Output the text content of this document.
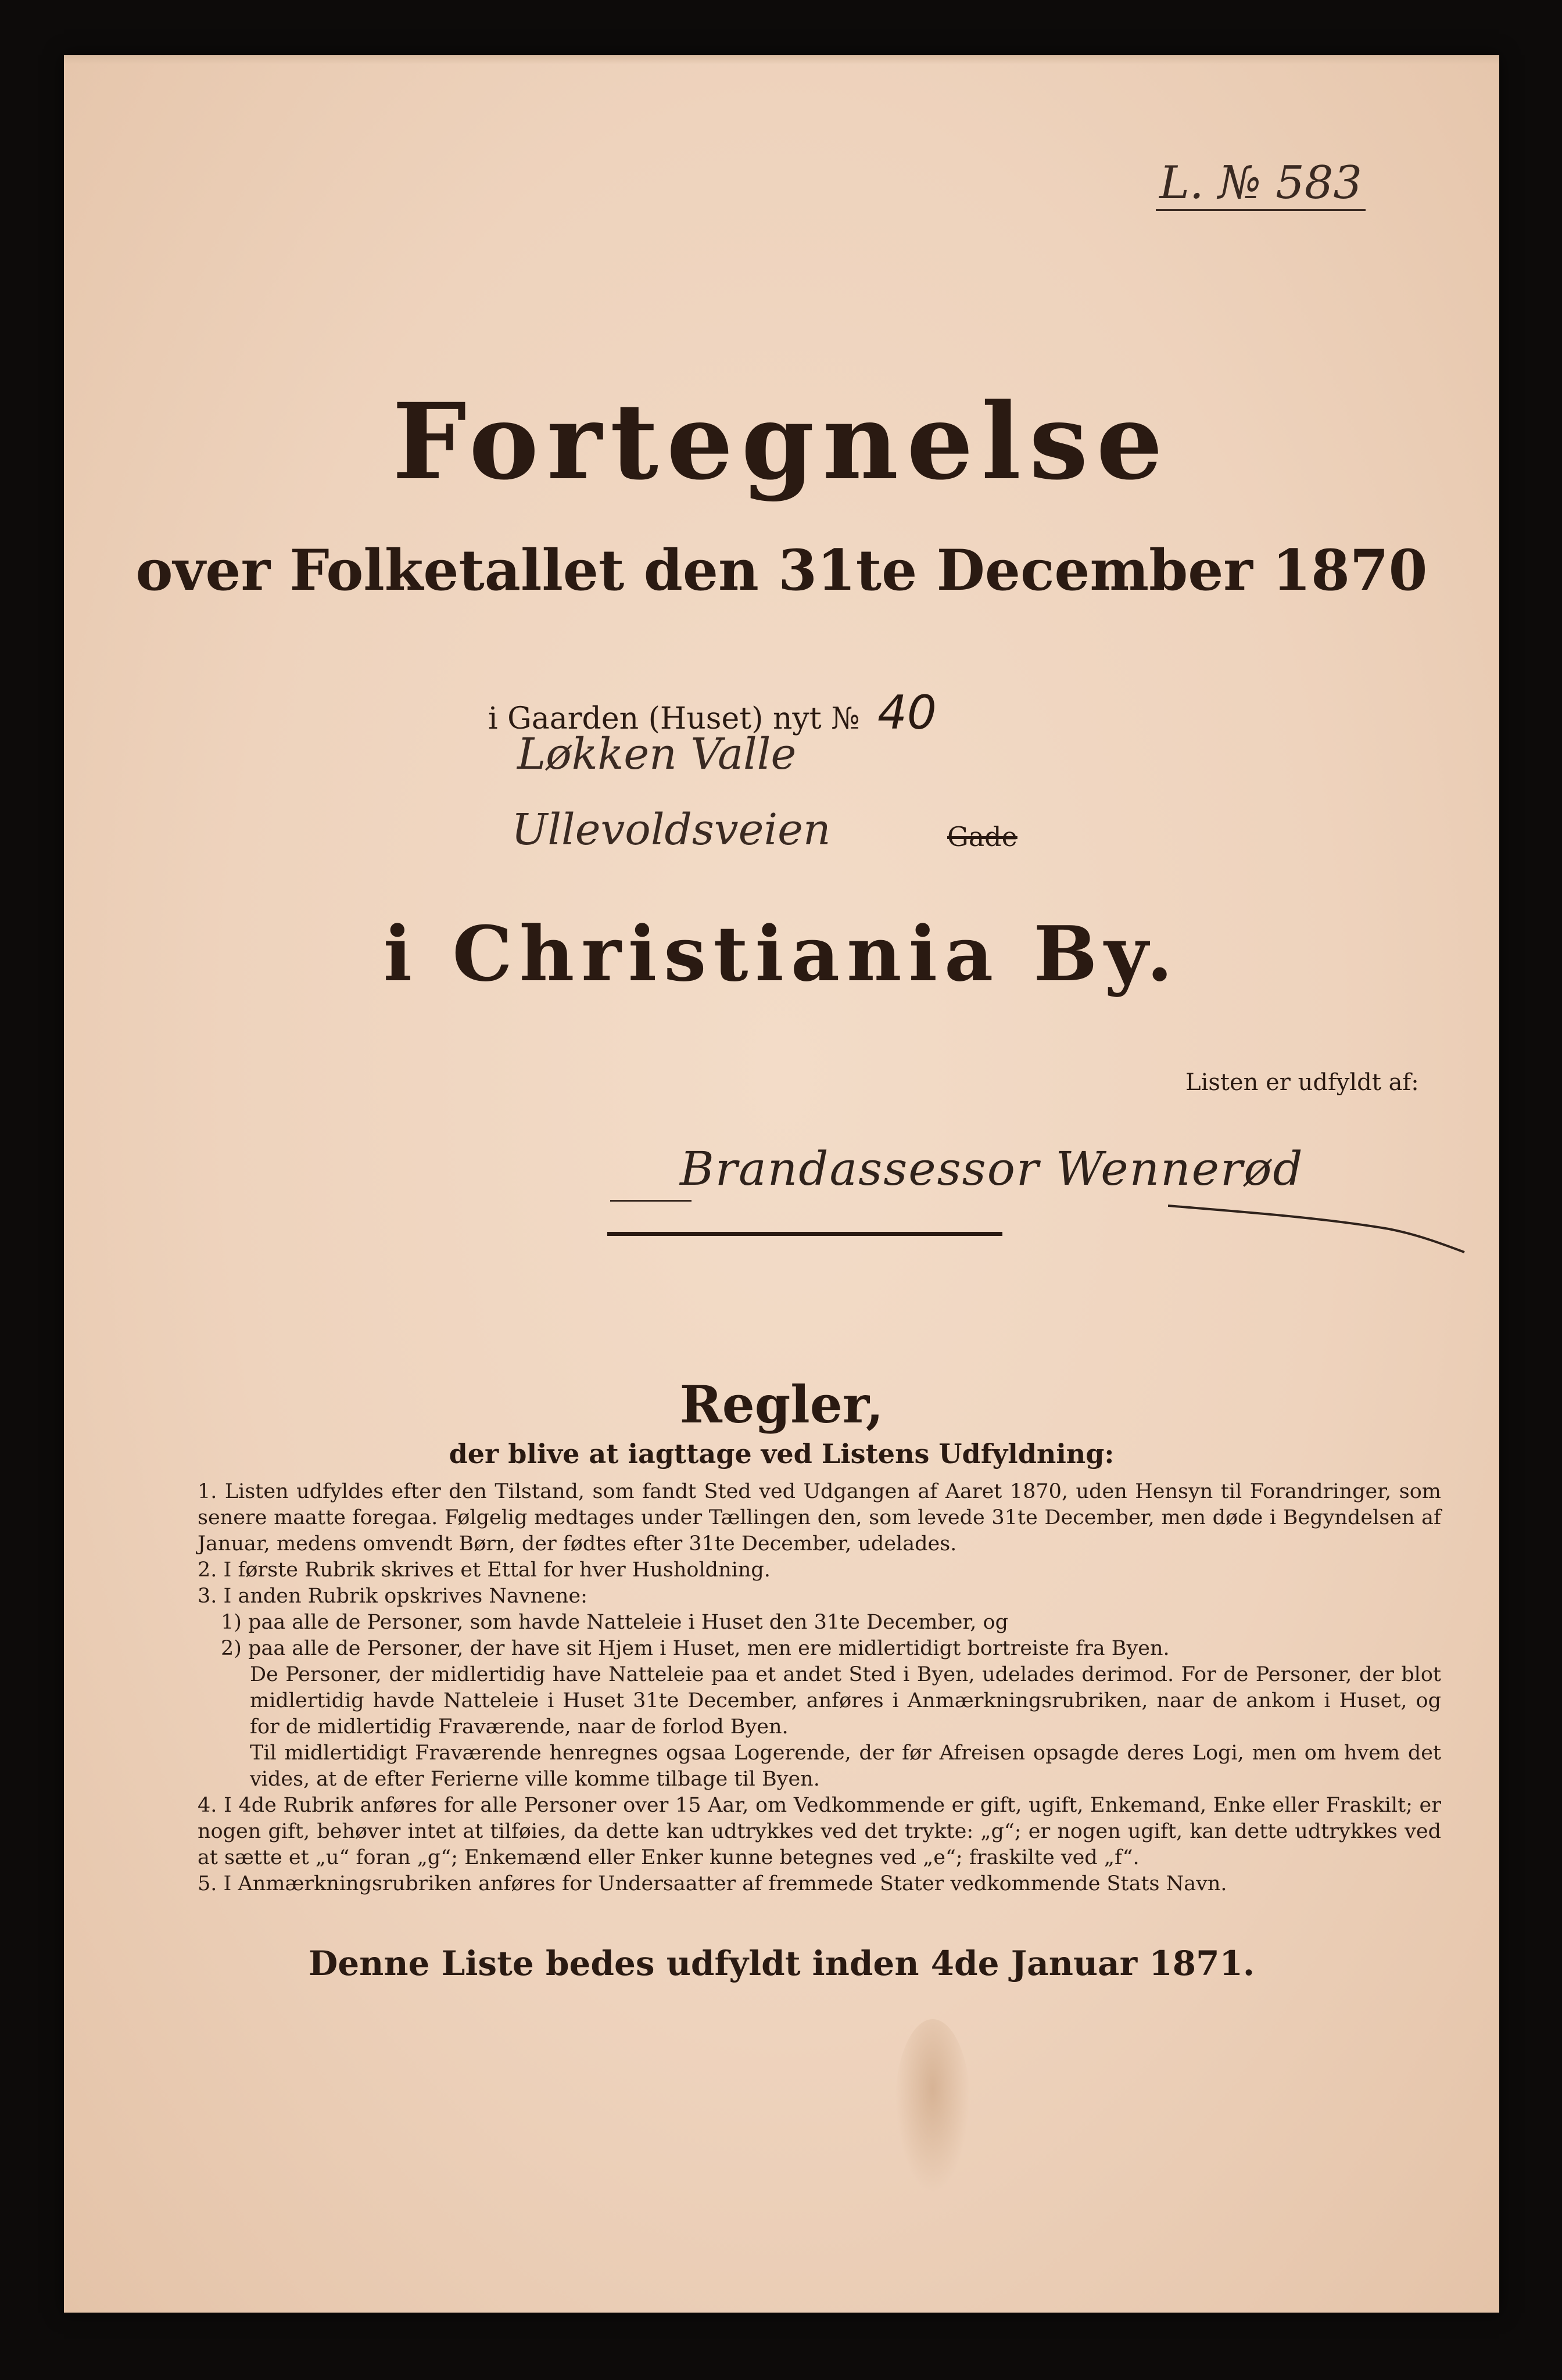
L. № 583
Fortegnelse
over Folketallet den 31te December 1870
i Gaarden (Huset) nyt № 40
Løkken Valle
Ullevoldsveien	Gade
i Christiania By.
Listen er udfyldt af:
Brandassessor Wennerød
Regler,
der blive at iagttage ved Listens Udfyldning:

1. Listen udfyldes efter den Tilstand, som fandt Sted ved Udgangen af Aaret 1870, uden Hensyn til Forandringer, som senere maatte foregaa. Følgelig medtages under Tællingen den, som levede 31te December, men døde i Begyndelsen af Januar, medens omvendt Børn, der fødtes efter 31te December, udelades.

2. I første Rubrik skrives et Ettal for hver Husholdning.

3. I anden Rubrik opskrives Navnene:

1) paa alle de Personer, som havde Natteleie i Huset den 31te December, og

2) paa alle de Personer, der have sit Hjem i Huset, men ere midlertidigt bortreiste fra Byen.

De Personer, der midlertidig have Natteleie paa et andet Sted i Byen, udelades derimod. For de Personer, der blot midlertidig havde Natteleie i Huset 31te December, anføres i Anmærkningsrubriken, naar de ankom i Huset, og for de midlertidig Fraværende, naar de forlod Byen.

Til midlertidigt Fraværende henregnes ogsaa Logerende, der før Afreisen opsagde deres Logi, men om hvem det vides, at de efter Ferierne ville komme tilbage til Byen.

4. I 4de Rubrik anføres for alle Personer over 15 Aar, om Vedkommende er gift, ugift, Enkemand, Enke eller Fraskilt; er nogen gift, behøver intet at tilføies, da dette kan udtrykkes ved det trykte: „g“; er nogen ugift, kan dette udtrykkes ved at sætte et „u“ foran „g“; Enkemænd eller Enker kunne betegnes ved „e“; fraskilte ved „f“.

5. I Anmærkningsrubriken anføres for Undersaatter af fremmede Stater vedkommende Stats Navn.

Denne Liste bedes udfyldt inden 4de Januar 1871.
